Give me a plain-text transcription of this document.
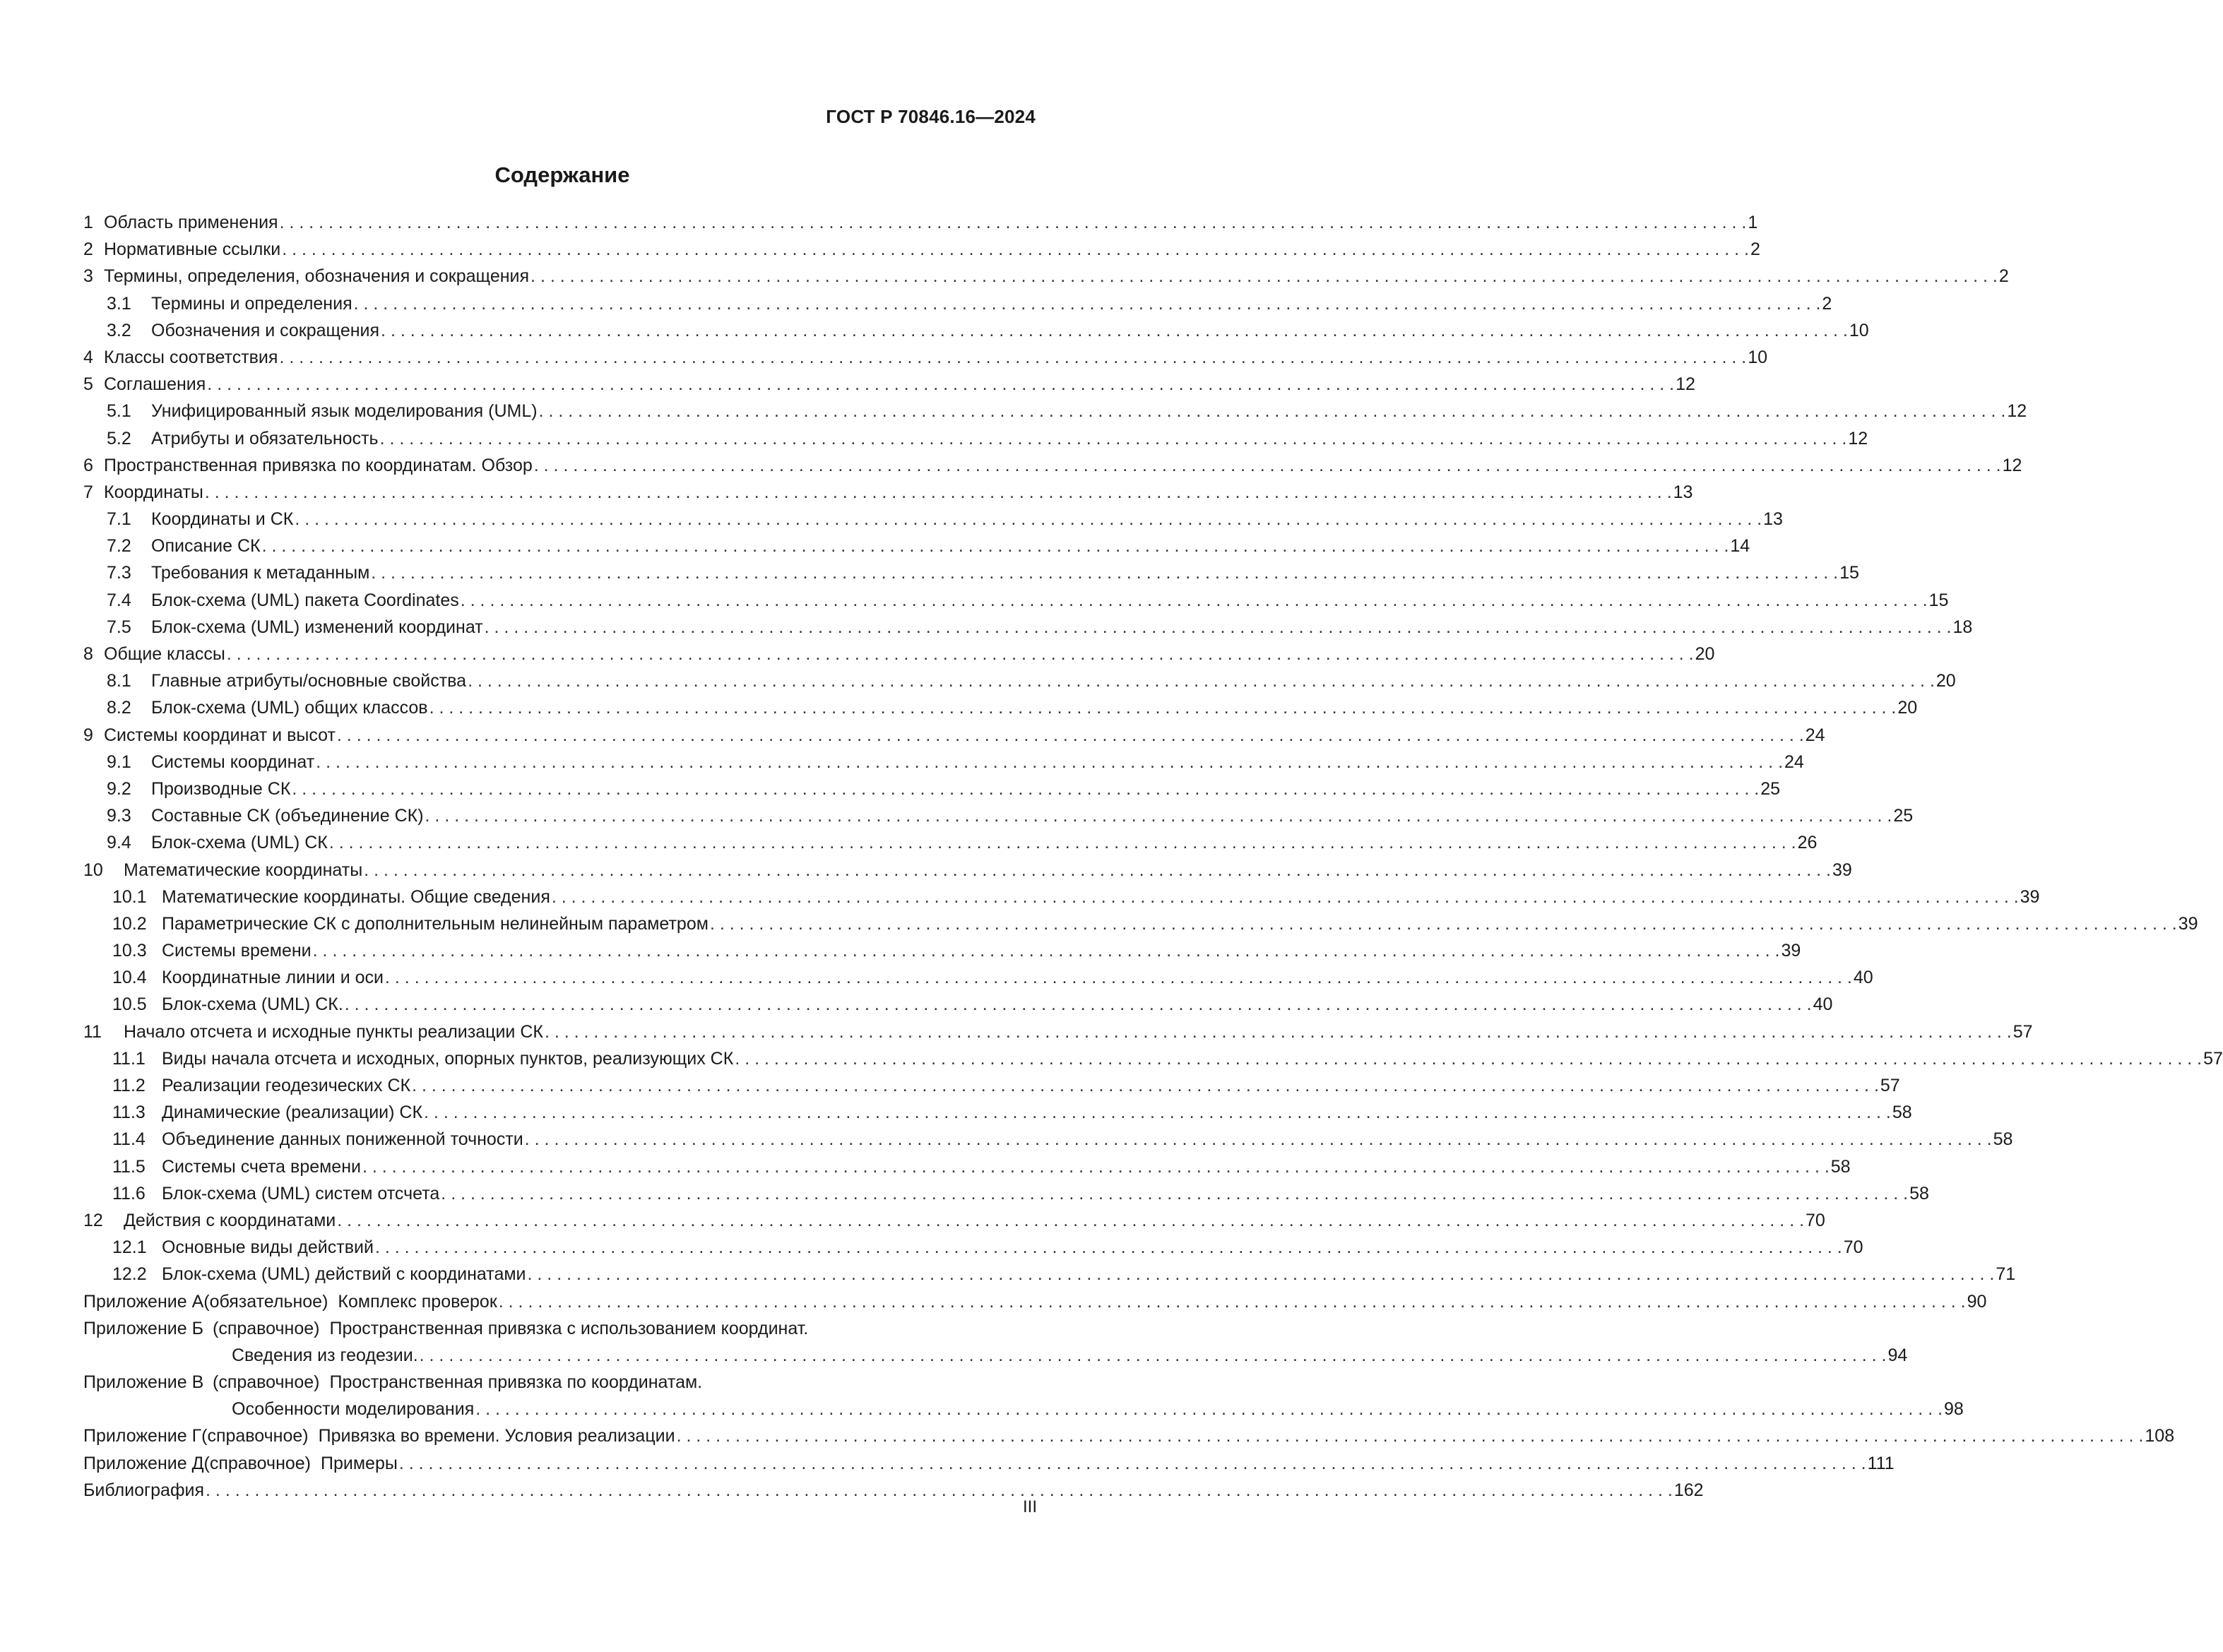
ГОСТ Р 70846.16—2024
Содержание
1 Область применения . . .	1
2 Нормативные ссылки . . .	2
3 Термины, определения, обозначения и сокращения . . .	2
3.1	Термины и определения . . .	2
3.2	Обозначения и сокращения . . .	10
4 Классы соответствия . . .	10
5 Соглашения . . .	12
5.1	Унифицированный язык моделирования (UML) . . .	12
5.2	Атрибуты и обязательность . . .	12
6 Пространственная привязка по координатам. Обзор . . .	12
7 Координаты . . .	13
7.1	Координаты и СК . . .	13
7.2	Описание СК . . .	14
7.3	Требования к метаданным . . .	15
7.4	Блок-схема (UML) пакета Coordinates . . .	15
7.5	Блок-схема (UML) изменений координат . . .	18
8 Общие классы . . .	20
8.1	Главные атрибуты/основные свойства . . .	20
8.2	Блок-схема (UML) общих классов . . .	20
9 Системы координат и высот . . .	24
9.1	Системы координат . . .	24
9.2	Производные СК . . .	25
9.3	Составные СК (объединение СК) . . .	25
9.4	Блок-схема (UML) СК . . .	26
10	Математические координаты . . .	39
10.1 Математические координаты. Общие сведения . . .	39
10.2 Параметрические СК с дополнительным нелинейным параметром . . .	39
10.3 Системы времени . . .	39
10.4 Координатные линии и оси . . .	40
10.5 Блок-схема (UML) СК. . . .	40
11	Начало отсчета и исходные пункты реализации СК . . .	57
11.1 Виды начала отсчета и исходных, опорных пунктов, реализующих СК . . .	57
11.2 Реализации геодезических СК . . .	57
11.3 Динамические (реализации) СК . . .	58
11.4 Объединение данных пониженной точности . . .	58
11.5 Системы счета времени . . .	58
11.6 Блок-схема (UML) систем отсчета . . .	58
12	Действия с координатами . . .	70
12.1 Основные виды действий . . .	70
12.2 Блок-схема (UML) действий с координатами . . .	71
Приложение А (обязательное) Комплекс проверок . . .	90
Приложение Б (справочное) Пространственная привязка с использованием координат.
Сведения из геодезии. . . .	94
Приложение В (справочное) Пространственная привязка по координатам.
Особенности моделирования . . .	98
Приложение Г (справочное) Привязка во времени. Условия реализации . . .	108
Приложение Д (справочное) Примеры . . .	111
Библиография . . .	162
III
